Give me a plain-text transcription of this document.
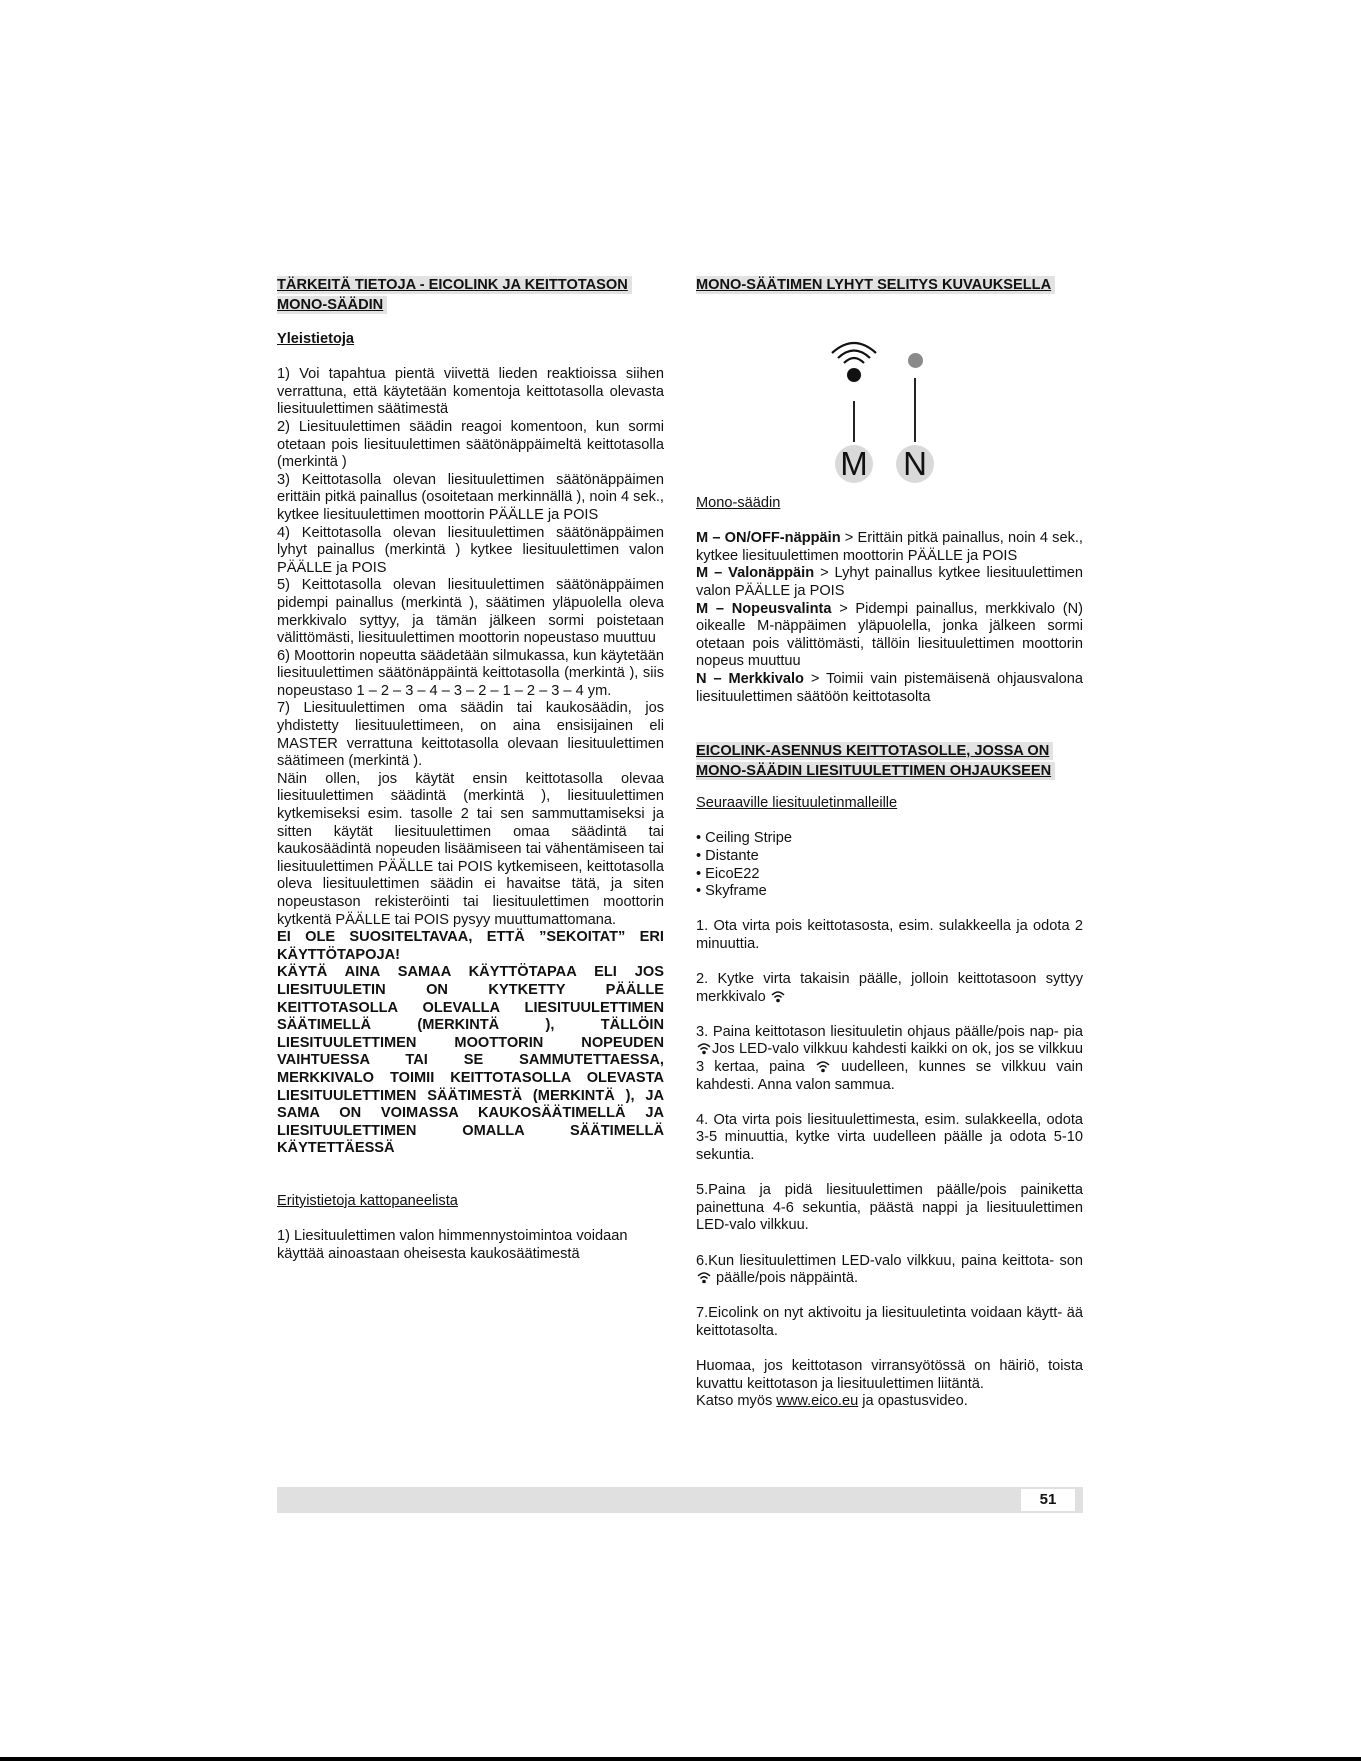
TÄRKEITÄ TIETOJA - EICOLINK JA KEITTOTASON
MONO-SÄÄDIN

Yleistietoja

1) Voi tapahtua pientä viivettä lieden reaktioissa siihen verrattuna, että käytetään komentoja keittotasolla olevasta liesituulettimen säätimestä

2) Liesituulettimen säädin reagoi komentoon, kun sormi otetaan pois liesituulettimen säätönäppäimeltä keittotasolla (merkintä )

3) Keittotasolla olevan liesituulettimen säätönäppäimen erittäin pitkä painallus (osoitetaan merkinnällä ), noin 4 sek., kytkee liesituulettimen moottorin PÄÄLLE ja POIS

4) Keittotasolla olevan liesituulettimen säätönäppäimen lyhyt painallus (merkintä ) kytkee liesituulettimen valon PÄÄLLE ja POIS

5) Keittotasolla olevan liesituulettimen säätönäppäimen pidempi painallus (merkintä ), säätimen yläpuolella oleva merkkivalo syttyy, ja tämän jälkeen sormi poistetaan välittömästi, liesituulettimen moottorin nopeustaso muuttuu

6) Moottorin nopeutta säädetään silmukassa, kun käytetään liesituulettimen säätönäppäintä keittotasolla (merkintä ), siis nopeustaso 1 – 2 – 3 – 4 – 3 – 2 – 1 – 2 – 3 – 4 ym.

7) Liesituulettimen oma säädin tai kaukosäädin, jos yhdistetty liesituulettimeen, on aina ensisijainen eli MASTER verrattuna keittotasolla olevaan liesituulettimen säätimeen (merkintä ).

Näin ollen, jos käytät ensin keittotasolla olevaa liesituulettimen säädintä (merkintä ), liesituulettimen kytkemiseksi esim. tasolle 2 tai sen sammuttamiseksi ja sitten käytät liesituulettimen omaa säädintä tai kaukosäädintä nopeuden lisäämiseen tai vähentämiseen tai liesituulettimen PÄÄLLE tai POIS kytkemiseen, keittotasolla oleva liesituulettimen säädin ei havaitse tätä, ja siten nopeustason rekisteröinti tai liesituulettimen moottorin kytkentä PÄÄLLE tai POIS pysyy muuttumattomana.

EI OLE SUOSITELTAVAA, ETTÄ ”SEKOITAT” ERI KÄYTTÖTAPOJA!

KÄYTÄ AINA SAMAA KÄYTTÖTAPAA ELI JOS LIESITUULETIN ON KYTKETTY PÄÄLLE KEITTOTASOLLA OLEVALLA LIESITUULETTIMEN SÄÄTIMELLÄ (MERKINTÄ ), TÄLLÖIN LIESITUULETTIMEN MOOTTORIN NOPEUDEN VAIHTUESSA TAI SE SAMMUTETTAESSA, MERKKIVALO TOIMII KEITTOTASOLLA OLEVASTA LIESITUULETTIMEN SÄÄTIMESTÄ (MERKINTÄ ), JA SAMA ON VOIMASSA KAUKOSÄÄTIMELLÄ JA LIESITUULETTIMEN OMALLA SÄÄTIMELLÄ KÄYTETTÄESSÄ

Erityistietoja kattopaneelista

1) Liesituulettimen valon himmennystoimintoa voidaan käyttää ainoastaan oheisesta kaukosäätimestä

MONO-SÄÄTIMEN LYHYT SELITYS KUVAUKSELLA

M N

Mono-säädin

M – ON/OFF-näppäin > Erittäin pitkä painallus, noin 4 sek., kytkee liesituulettimen moottorin PÄÄLLE ja POIS

M – Valonäppäin > Lyhyt painallus kytkee liesituulettimen valon PÄÄLLE ja POIS

M – Nopeusvalinta > Pidempi painallus, merkkivalo (N) oikealle M-näppäimen yläpuolella, jonka jälkeen sormi otetaan pois välittömästi, tällöin liesituulettimen moottorin nopeus muuttuu

N – Merkkivalo > Toimii vain pistemäisenä ohjausvalona liesituulettimen säätöön keittotasolta

EICOLINK-ASENNUS KEITTOTASOLLE, JOSSA ON
MONO-SÄÄDIN LIESITUULETTIMEN OHJAUKSEEN

Seuraaville liesituuletinmalleille

• Ceiling Stripe
• Distante
• EicoE22
• Skyframe

1. Ota virta pois keittotasosta, esim. sulakkeella ja odota 2 minuuttia.

2. Kytke virta takaisin päälle, jolloin keittotasoon syttyy merkkivalo

3. Paina keittotason liesituuletin ohjaus päälle/pois nap- pia Jos LED-valo vilkkuu kahdesti kaikki on ok, jos se vilkkuu 3 kertaa, paina  uudelleen, kunnes se vilkkuu vain kahdesti. Anna valon sammua.

4. Ota virta pois liesituulettimesta, esim. sulakkeella, odota 3-5 minuuttia, kytke virta uudelleen päälle ja odota 5-10 sekuntia.

5.Paina ja pidä liesituulettimen päälle/pois painiketta painettuna 4-6 sekuntia, päästä nappi ja liesituulettimen LED-valo vilkkuu.

6.Kun liesituulettimen LED-valo vilkkuu, paina keittota- son  päälle/pois näppäintä.

7.Eicolink on nyt aktivoitu ja liesituuletinta voidaan käytt- ää keittotasolta.

Huomaa, jos keittotason virransyötössä on häiriö, toista kuvattu keittotason ja liesituulettimen liitäntä.

Katso myös www.eico.eu ja opastusvideo.

51
